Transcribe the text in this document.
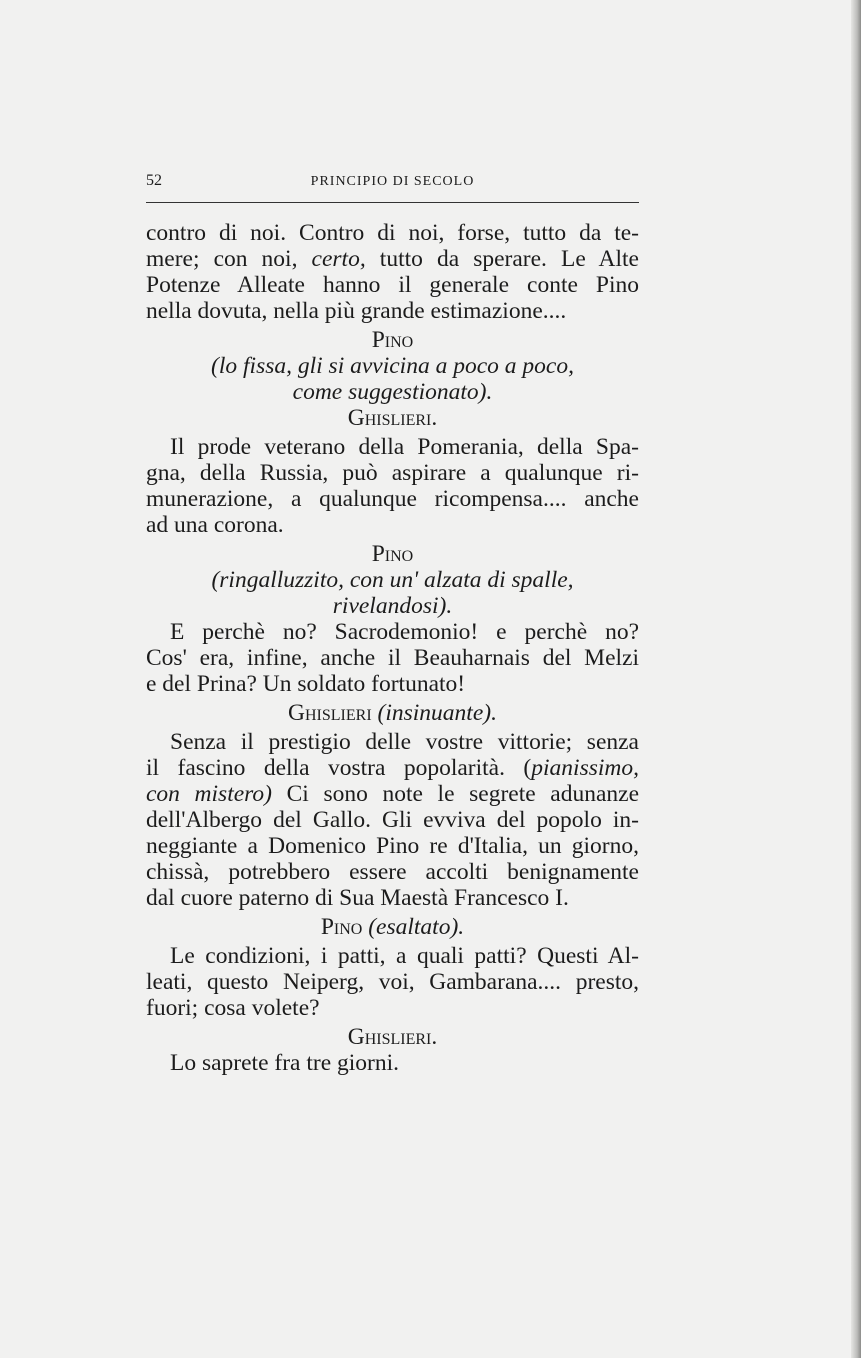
52	PRINCIPIO DI SECOLO
contro di noi. Contro di noi, forse, tutto da te-
mere; con noi, certo, tutto da sperare. Le Alte
Potenze Alleate hanno il generale conte Pino
nella dovuta, nella più grande estimazione....
Pino
(lo fissa, gli si avvicina a poco a poco,
come suggestionato).
Ghislieri.
Il prode veterano della Pomerania, della Spa-
gna, della Russia, può aspirare a qualunque ri-
munerazione, a qualunque ricompensa.... anche
ad una corona.
Pino
(ringalluzzito, con un' alzata di spalle,
rivelandosi).
E perchè no? Sacrodemonio! e perchè no?
Cos' era, infine, anche il Beauharnais del Melzi
e del Prina? Un soldato fortunato!
Ghislieri (insinuante).
Senza il prestigio delle vostre vittorie; senza
il fascino della vostra popolarità. (pianissimo,
con mistero) Ci sono note le segrete adunanze
dell'Albergo del Gallo. Gli evviva del popolo in-
neggiante a Domenico Pino re d'Italia, un giorno,
chissà, potrebbero essere accolti benignamente
dal cuore paterno di Sua Maestà Francesco I.
Pino (esaltato).
Le condizioni, i patti, a quali patti? Questi Al-
leati, questo Neiperg, voi, Gambarana.... presto,
fuori; cosa volete?
Ghislieri.
Lo saprete fra tre giorni.
